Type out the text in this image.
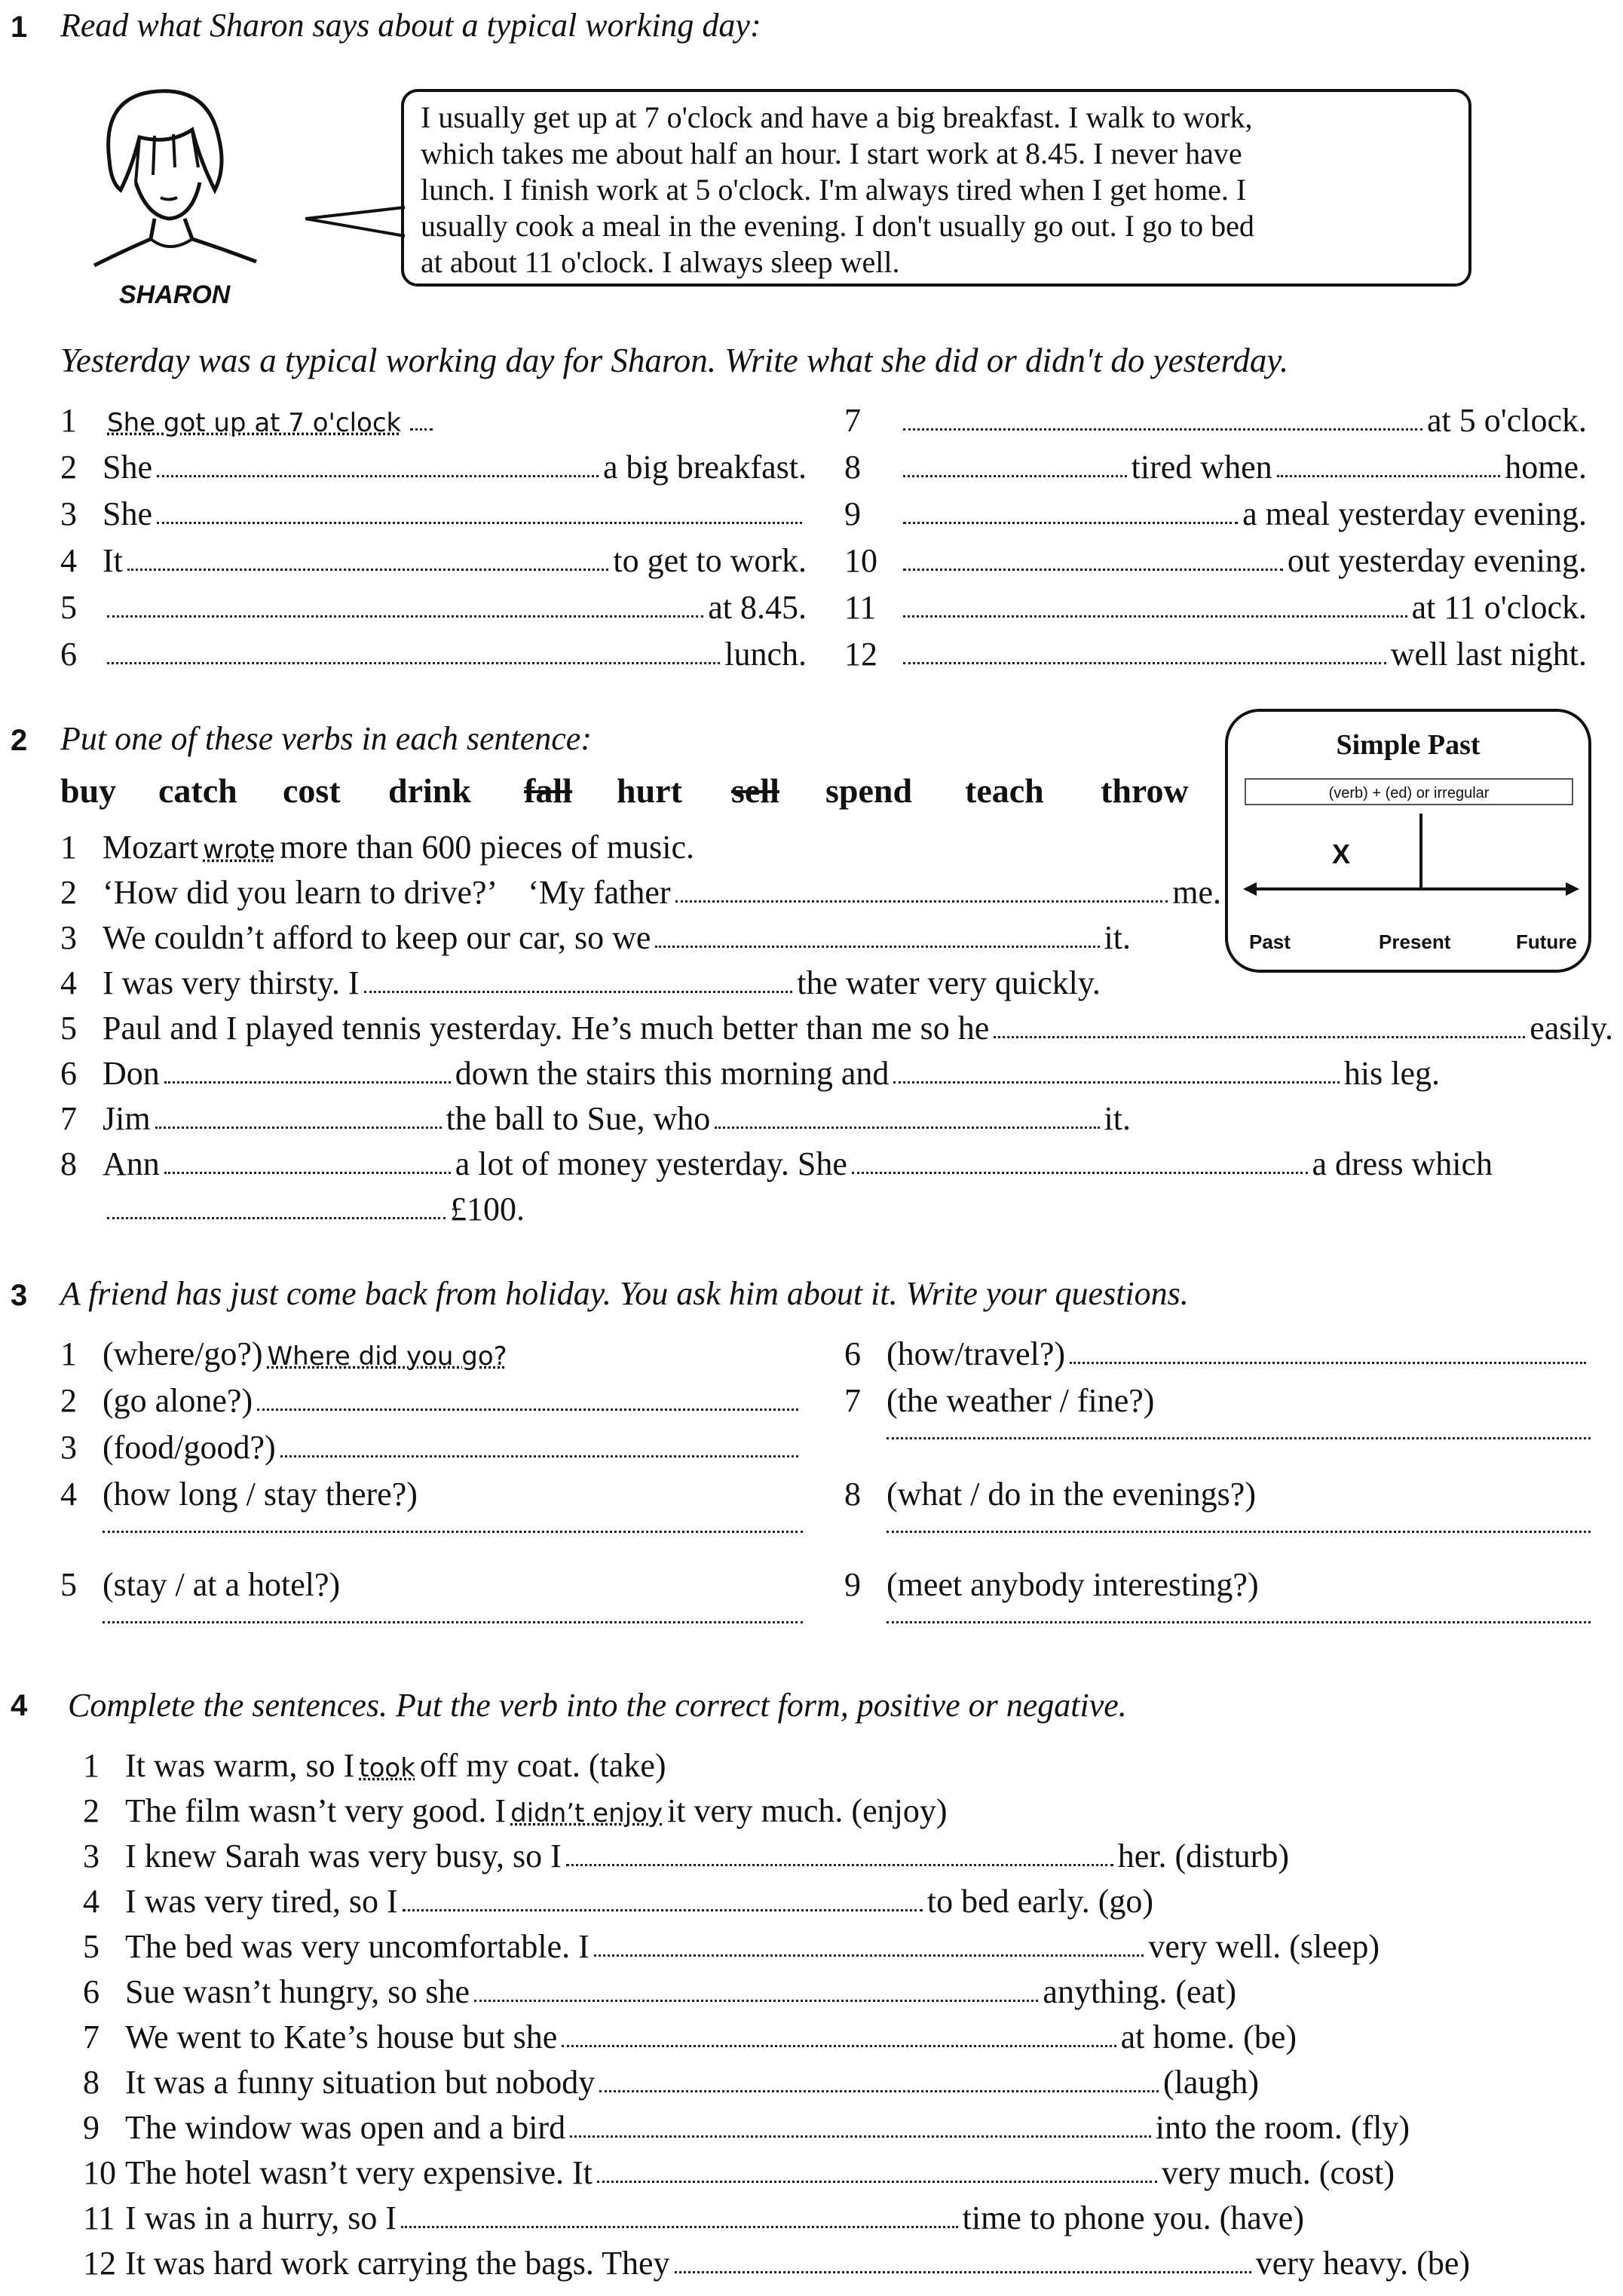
1 Read what Sharon says about a typical working day:
SHARON
I usually get up at 7 o'clock and have a big breakfast. I walk to work,
which takes me about half an hour. I start work at 8.45. I never have
lunch. I finish work at 5 o'clock. I'm always tired when I get home. I
usually cook a meal in the evening. I don't usually go out. I go to bed
at about 11 o'clock. I always sleep well.
Yesterday was a typical working day for Sharon. Write what she did or didn't do yesterday.
1	She got up at 7 o'clock
2 She	a big breakfast.
3 She
4 It	to get to work.
5	at 8.45.
6	lunch.
7	at 5 o'clock.
8	tired when	home.
9	a meal yesterday evening.
10	out yesterday evening.
11	at 11 o'clock.
12	well last night.
2 Put one of these verbs in each sentence:
buy catch cost drink fall hurt sell spend teach throw
Simple Past
(verb) + (ed) or irregular
X
Past	Present	Future
1 Mozart wrote more than 600 pieces of music.
2 ‘How did you learn to drive?’ ‘My father	me.
3 We couldn’t afford to keep our car, so we	it.
4 I was very thirsty. I	the water very quickly.
5 Paul and I played tennis yesterday. He’s much better than me so he	easily.
6 Don	down the stairs this morning and	his leg.
7 Jim	the ball to Sue, who	it.
8 Ann	a lot of money yesterday. She	a dress which
£100.
3 A friend has just come back from holiday. You ask him about it. Write your questions.
1 (where/go?) Where did you go?
2 (go alone?)
3 (food/good?)
4 (how long / stay there?)
5 (stay / at a hotel?)
6 (how/travel?)
7 (the weather / fine?)
8 (what / do in the evenings?)
9 (meet anybody interesting?)
4 Complete the sentences. Put the verb into the correct form, positive or negative.
1 It was warm, so I took off my coat. (take)
2 The film wasn’t very good. I didn’t enjoy it very much. (enjoy)
3 I knew Sarah was very busy, so I	her. (disturb)
4 I was very tired, so I	to bed early. (go)
5 The bed was very uncomfortable. I	very well. (sleep)
6 Sue wasn’t hungry, so she	anything. (eat)
7 We went to Kate’s house but she	at home. (be)
8 It was a funny situation but nobody	(laugh)
9 The window was open and a bird	into the room. (fly)
10 The hotel wasn’t very expensive. It	very much. (cost)
11 I was in a hurry, so I	time to phone you. (have)
12 It was hard work carrying the bags. They	very heavy. (be)
